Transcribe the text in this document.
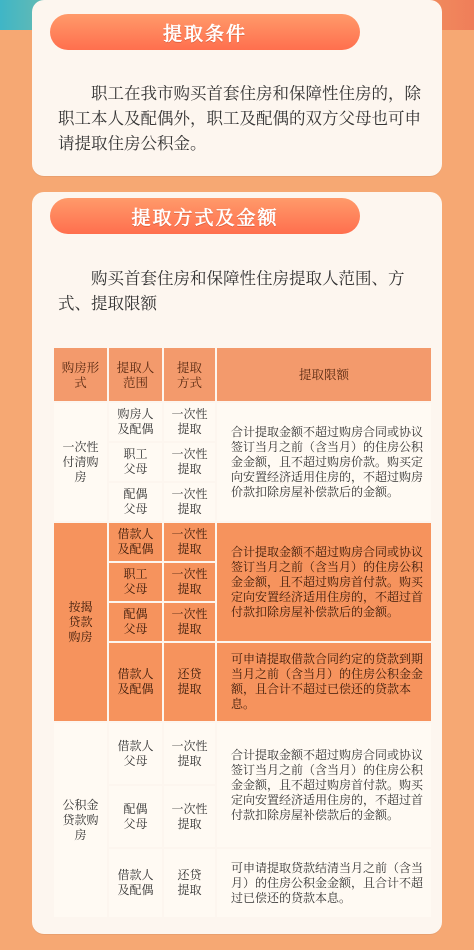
提取条件
职工在我市购买首套住房和保障性住房的，除职工本人及配偶外，职工及配偶的双方父母也可申请提取住房公积金。
提取方式及金额
购买首套住房和保障性住房提取人范围、方式、提取限额
购房形式	提取人范围	提取方式	提取限额

一次性付清购房	购房人及配偶	一次性提取	合计提取金额不超过购房合同或协议签订当月之前（含当月）的住房公积金金额，且不超过购房价款。购买定向安置经济适用住房的，不超过购房价款扣除房屋补偿款后的金额。

	职工父母	一次性提取	

	配偶父母	一次性提取	

按揭贷款购房	借款人及配偶	一次性提取	合计提取金额不超过购房合同或协议签订当月之前（含当月）的住房公积金金额，且不超过购房首付款。购买定向安置经济适用住房的，不超过首付款扣除房屋补偿款后的金额。

	职工父母	一次性提取	

	配偶父母	一次性提取	

	借款人及配偶	还贷提取	可申请提取借款合同约定的贷款到期当月之前（含当月）的住房公积金金额，且合计不超过已偿还的贷款本息。

公积金贷款购房	借款人父母	一次性提取	合计提取金额不超过购房合同或协议签订当月之前（含当月）的住房公积金金额，且不超过购房首付款。购买定向安置经济适用住房的，不超过首付款扣除房屋补偿款后的金额。

	配偶父母	一次性提取	

	借款人及配偶	还贷提取	可申请提取贷款结清当月之前（含当月）的住房公积金金额，且合计不超过已偿还的贷款本息。
